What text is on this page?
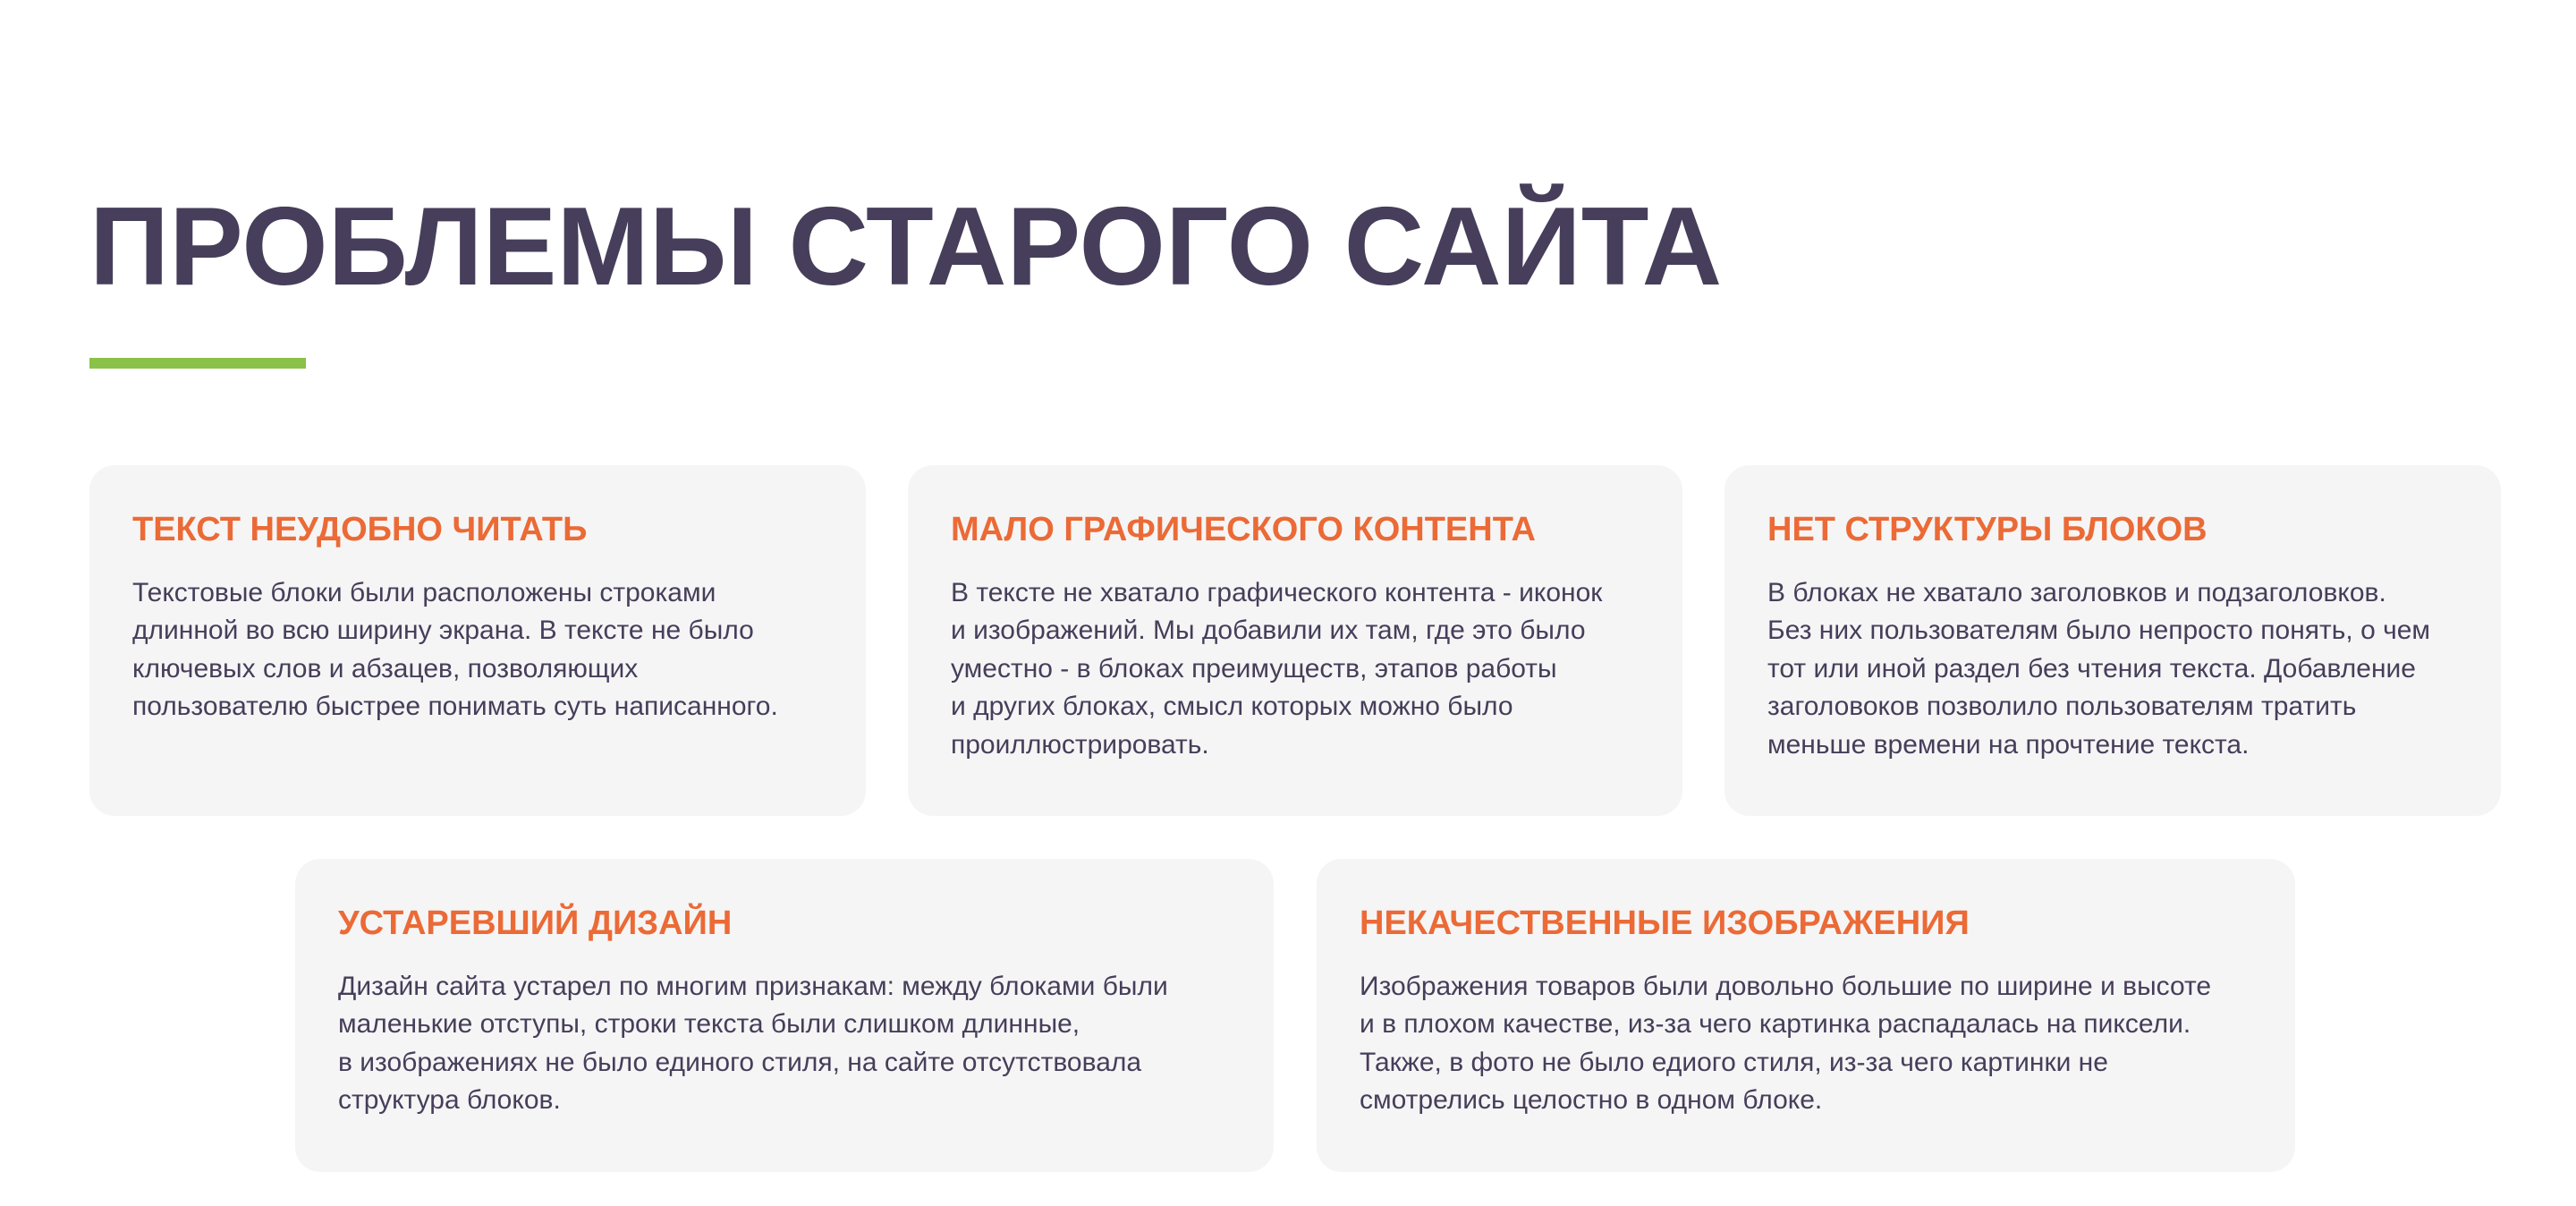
ПРОБЛЕМЫ СТАРОГО САЙТА
ТЕКСТ НЕУДОБНО ЧИТАТЬ

Текстовые блоки были расположены строками
длинной во всю ширину экрана. В тексте не было
ключевых слов и абзацев, позволяющих
пользователю быстрее понимать суть написанного.

МАЛО ГРАФИЧЕСКОГО КОНТЕНТА

В тексте не хватало графического контента - иконок
и изображений. Мы добавили их там, где это было
уместно - в блоках преимуществ, этапов работы
и других блоках, смысл которых можно было
проиллюстрировать.

НЕТ СТРУКТУРЫ БЛОКОВ

В блоках не хватало заголовков и подзаголовков.
Без них пользователям было непросто понять, о чем
тот или иной раздел без чтения текста. Добавление
заголовоков позволило пользователям тратить
меньше времени на прочтение текста.

УСТАРЕВШИЙ ДИЗАЙН

Дизайн сайта устарел по многим признакам: между блоками были
маленькие отступы, строки текста были слишком длинные,
в изображениях не было единого стиля, на сайте отсутствовала
структура блоков.

НЕКАЧЕСТВЕННЫЕ ИЗОБРАЖЕНИЯ

Изображения товаров были довольно большие по ширине и высоте
и в плохом качестве, из-за чего картинка распадалась на пиксели.
Также, в фото не было едиого стиля, из-за чего картинки не
смотрелись целостно в одном блоке.
